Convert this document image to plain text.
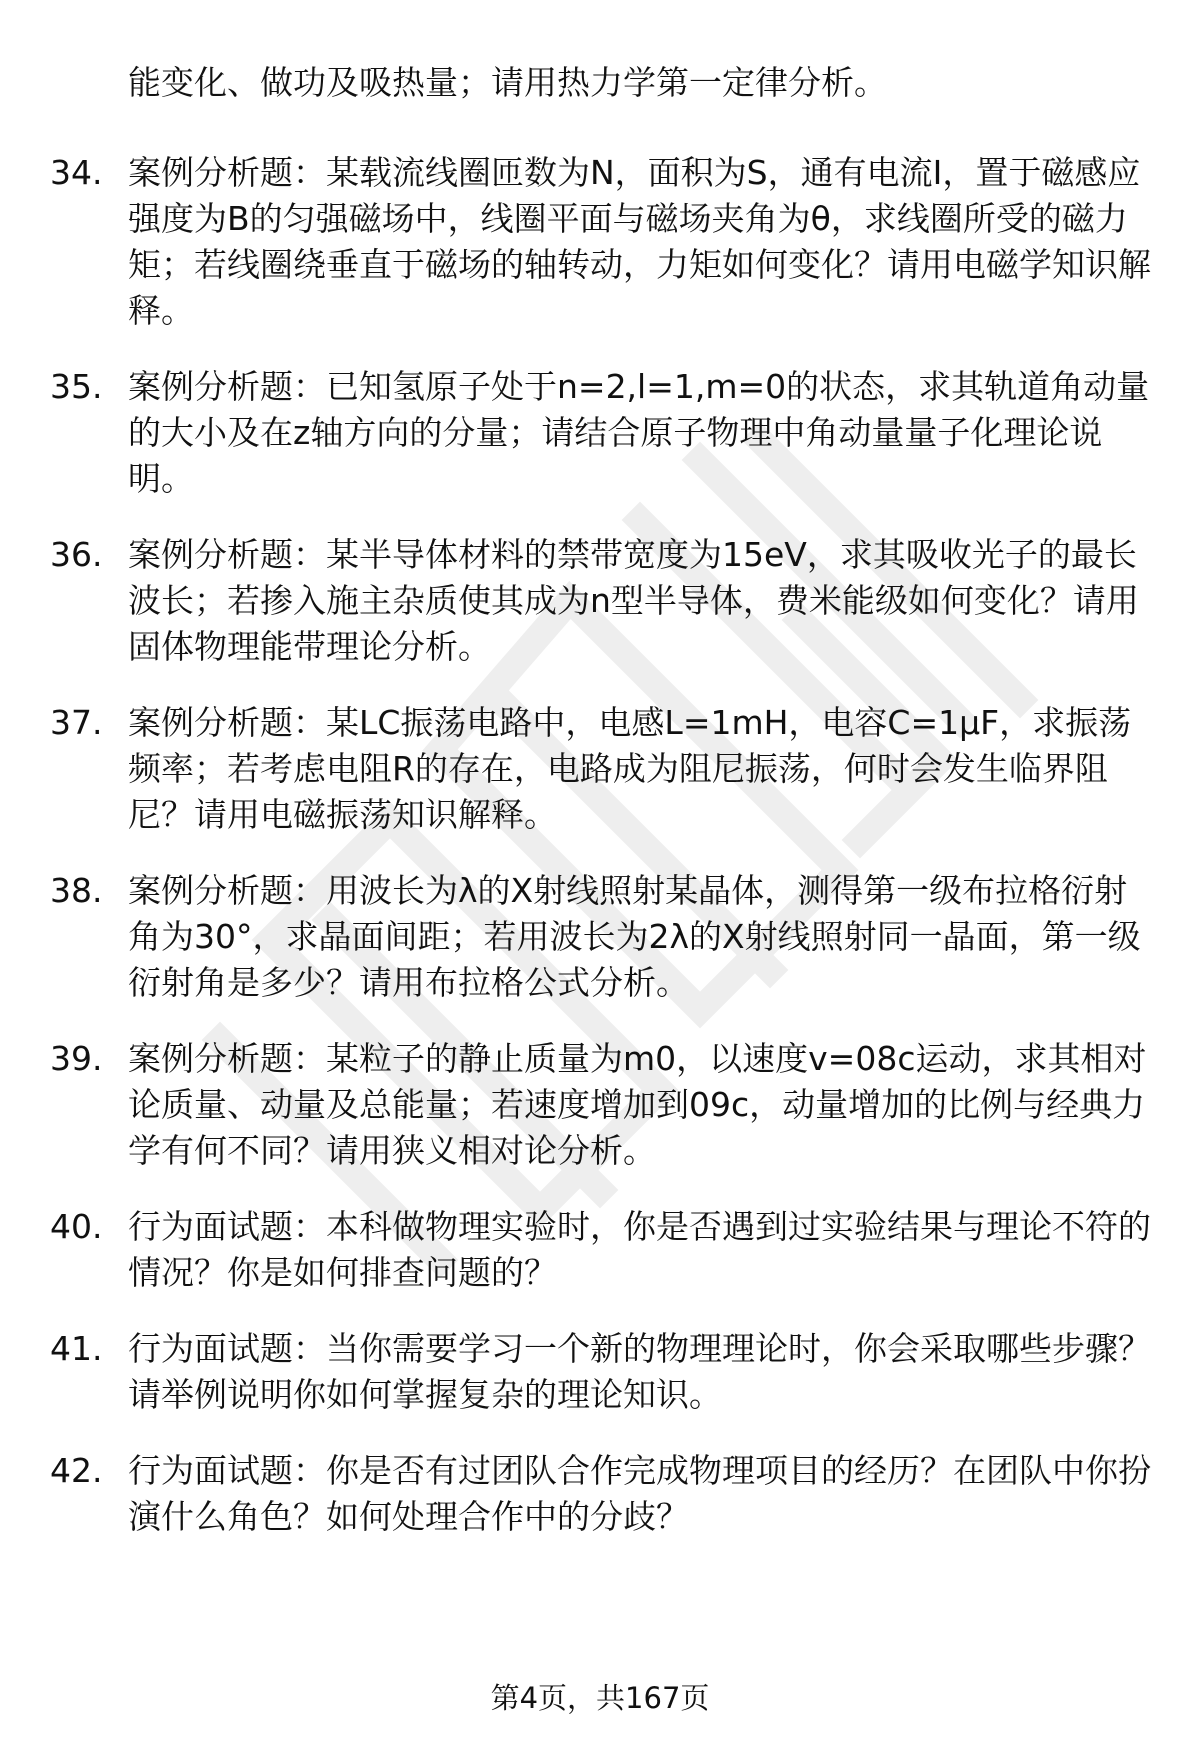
能变化、做功及吸热量；请用热力学第一定律分析。
34. 案例分析题：某载流线圈匝数为N，面积为S，通有电流I，置于磁感应强度为B的匀强磁场中，线圈平面与磁场夹角为θ，求线圈所受的磁力矩；若线圈绕垂直于磁场的轴转动，力矩如何变化？请用电磁学知识解释。
35. 案例分析题：已知氢原子处于n=2,l=1,m=0的状态，求其轨道角动量的大小及在z轴方向的分量；请结合原子物理中角动量量子化理论说明。
36. 案例分析题：某半导体材料的禁带宽度为15eV，求其吸收光子的最长波长；若掺入施主杂质使其成为n型半导体，费米能级如何变化？请用固体物理能带理论分析。
37. 案例分析题：某LC振荡电路中，电感L=1mH，电容C=1μF，求振荡频率；若考虑电阻R的存在，电路成为阻尼振荡，何时会发生临界阻尼？请用电磁振荡知识解释。
38. 案例分析题：用波长为λ的X射线照射某晶体，测得第一级布拉格衍射角为30°，求晶面间距；若用波长为2λ的X射线照射同一晶面，第一级衍射角是多少？请用布拉格公式分析。
39. 案例分析题：某粒子的静止质量为m0，以速度v=08c运动，求其相对论质量、动量及总能量；若速度增加到09c，动量增加的比例与经典力学有何不同？请用狭义相对论分析。
40. 行为面试题：本科做物理实验时，你是否遇到过实验结果与理论不符的情况？你是如何排查问题的？
41. 行为面试题：当你需要学习一个新的物理理论时，你会采取哪些步骤？请举例说明你如何掌握复杂的理论知识。
42. 行为面试题：你是否有过团队合作完成物理项目的经历？在团队中你扮演什么角色？如何处理合作中的分歧？
第4页，共167页
